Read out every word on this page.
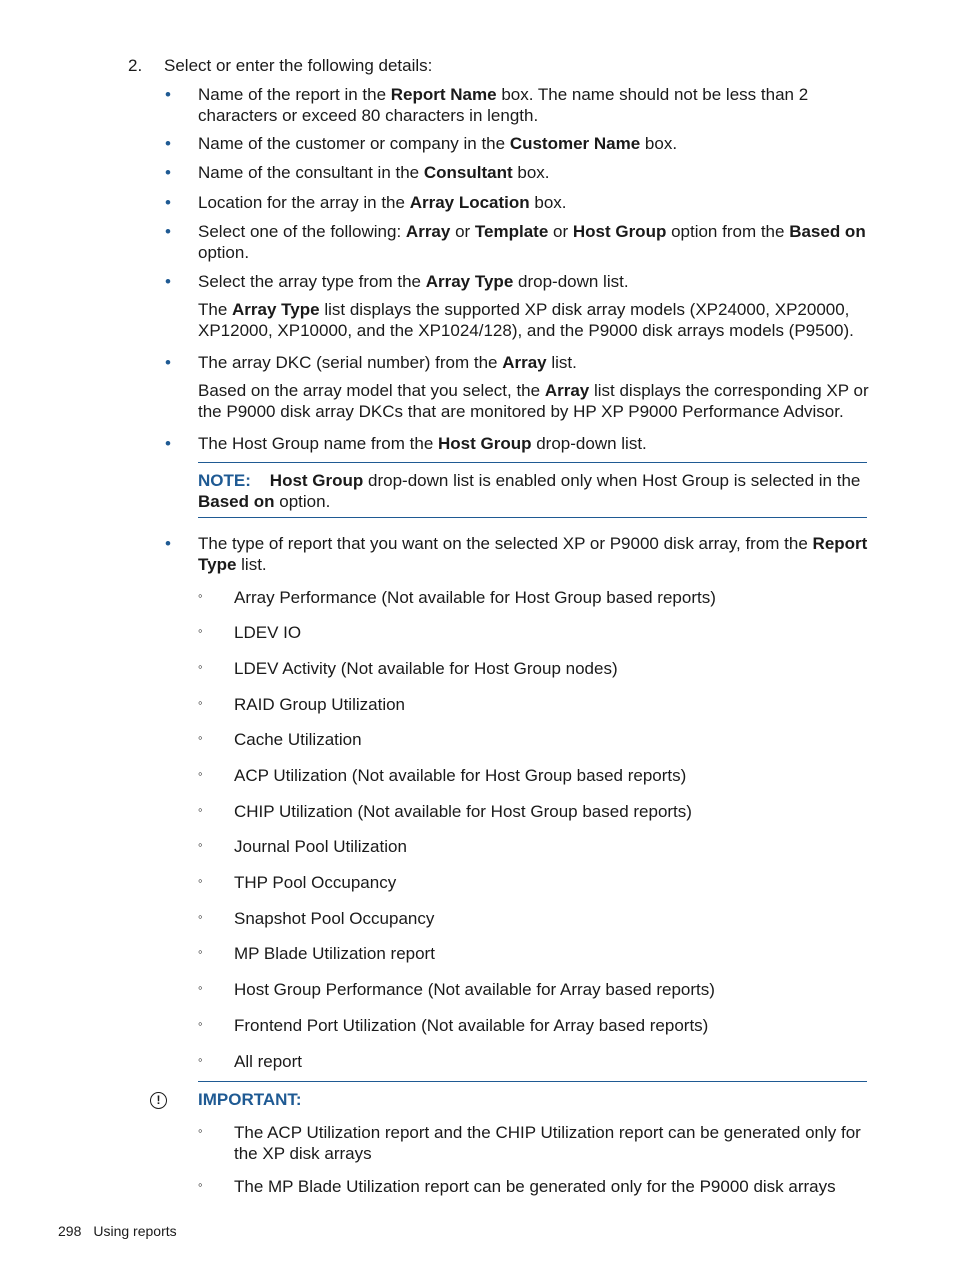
2. Select or enter the following details:
• Name of the report in the Report Name box. The name should not be less than 2 characters or exceed 80 characters in length.
• Name of the customer or company in the Customer Name box.
• Name of the consultant in the Consultant box.
• Location for the array in the Array Location box.
• Select one of the following: Array or Template or Host Group option from the Based on option.
• Select the array type from the Array Type drop-down list.
The Array Type list displays the supported XP disk array models (XP24000, XP20000, XP12000, XP10000, and the XP1024/128), and the P9000 disk arrays models (P9500).
• The array DKC (serial number) from the Array list.
Based on the array model that you select, the Array list displays the corresponding XP or the P9000 disk array DKCs that are monitored by HP XP P9000 Performance Advisor.
• The Host Group name from the Host Group drop-down list.
NOTE: Host Group drop-down list is enabled only when Host Group is selected in the Based on option.
• The type of report that you want on the selected XP or P9000 disk array, from the Report Type list.
◦ Array Performance (Not available for Host Group based reports)
◦ LDEV IO
◦ LDEV Activity (Not available for Host Group nodes)
◦ RAID Group Utilization
◦ Cache Utilization
◦ ACP Utilization (Not available for Host Group based reports)
◦ CHIP Utilization (Not available for Host Group based reports)
◦ Journal Pool Utilization
◦ THP Pool Occupancy
◦ Snapshot Pool Occupancy
◦ MP Blade Utilization report
◦ Host Group Performance (Not available for Array based reports)
◦ Frontend Port Utilization (Not available for Array based reports)
◦ All report
!	IMPORTANT:
◦ The ACP Utilization report and the CHIP Utilization report can be generated only for the XP disk arrays
◦ The MP Blade Utilization report can be generated only for the P9000 disk arrays
298 Using reports
